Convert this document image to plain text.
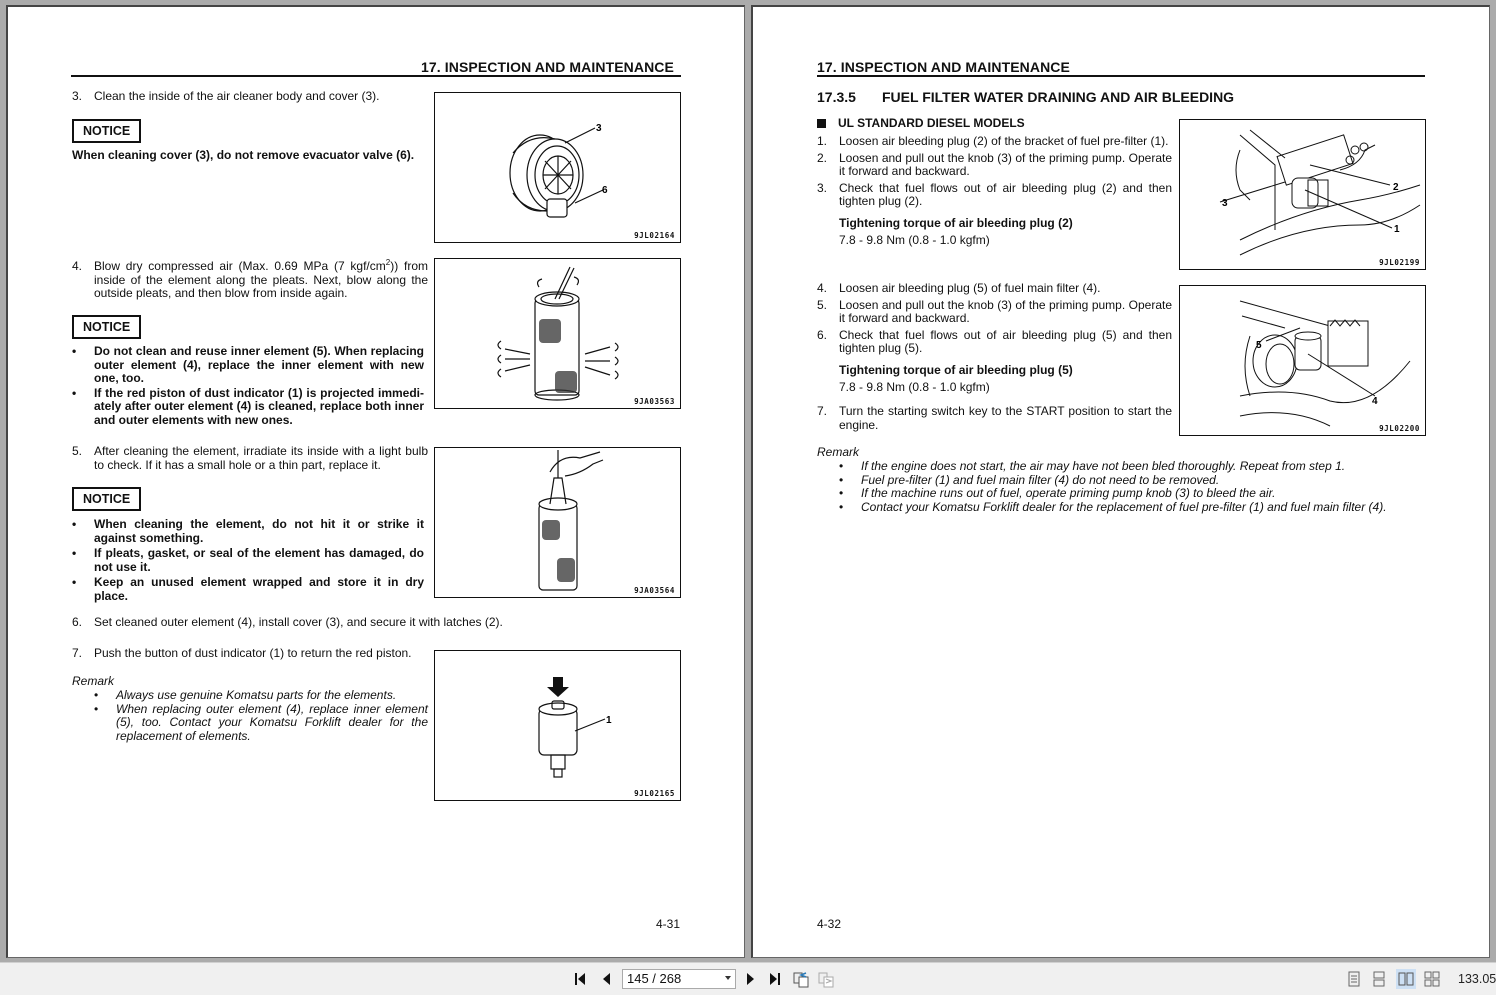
17. INSPECTION AND MAINTENANCE
3. Clean the inside of the air cleaner body and cover (3).
NOTICE
When cleaning cover (3), do not remove evacuator valve (6).
4. Blow dry compressed air (Max. 0.69 MPa (7 kgf/$cm^2$)) from inside of the element along the pleats. Next, blow along the outside pleats, and then blow from inside again.
NOTICE
• Do not clean and reuse inner element (5). When replacing outer element (4), replace the inner element with new one, too.
• If the red piston of dust indicator (1) is projected immedi-ately after outer element (4) is cleaned, replace both inner and outer elements with new ones.
5. After cleaning the element, irradiate its inside with a light bulb to check. If it has a small hole or a thin part, replace it.
NOTICE
• When cleaning the element, do not hit it or strike it against something.
• If pleats, gasket, or seal of the element has damaged, do not use it.
• Keep an unused element wrapped and store it in dry place.
6. Set cleaned outer element (4), install cover (3), and secure it with latches (2).
7. Push the button of dust indicator (1) to return the red piston.
Remark
• Always use genuine Komatsu parts for the elements.
• When replacing outer element (4), replace inner element (5), too. Contact your Komatsu Forklift dealer for the replacement of elements.
3
6
9JL02164
9JA03563
9JA03564
1
9JL02165
4-31
17. INSPECTION AND MAINTENANCE
17.3.5 FUEL FILTER WATER DRAINING AND AIR BLEEDING
UL STANDARD DIESEL MODELS
1. Loosen air bleeding plug (2) of the bracket of fuel pre-filter (1).
2. Loosen and pull out the knob (3) of the priming pump. Operate it forward and backward.
3. Check that fuel flows out of air bleeding plug (2) and then tighten plug (2).
Tightening torque of air bleeding plug (2)
7.8 - 9.8 Nm (0.8 - 1.0 kgfm)
4. Loosen air bleeding plug (5) of fuel main filter (4).
5. Loosen and pull out the knob (3) of the priming pump. Operate it forward and backward.
6. Check that fuel flows out of air bleeding plug (5) and then tighten plug (5).
Tightening torque of air bleeding plug (5)
7.8 - 9.8 Nm (0.8 - 1.0 kgfm)
7. Turn the starting switch key to the START position to start the engine.
Remark
• If the engine does not start, the air may have not been bled thoroughly. Repeat from step 1.
• Fuel pre-filter (1) and fuel main filter (4) do not need to be removed.
• If the machine runs out of fuel, operate priming pump knob (3) to bleed the air.
• Contact your Komatsu Forklift dealer for the replacement of fuel pre-filter (1) and fuel main filter (4).
2
1
3
9JL02199
5
4
9JL02200
4-32
145 / 268	133.05
